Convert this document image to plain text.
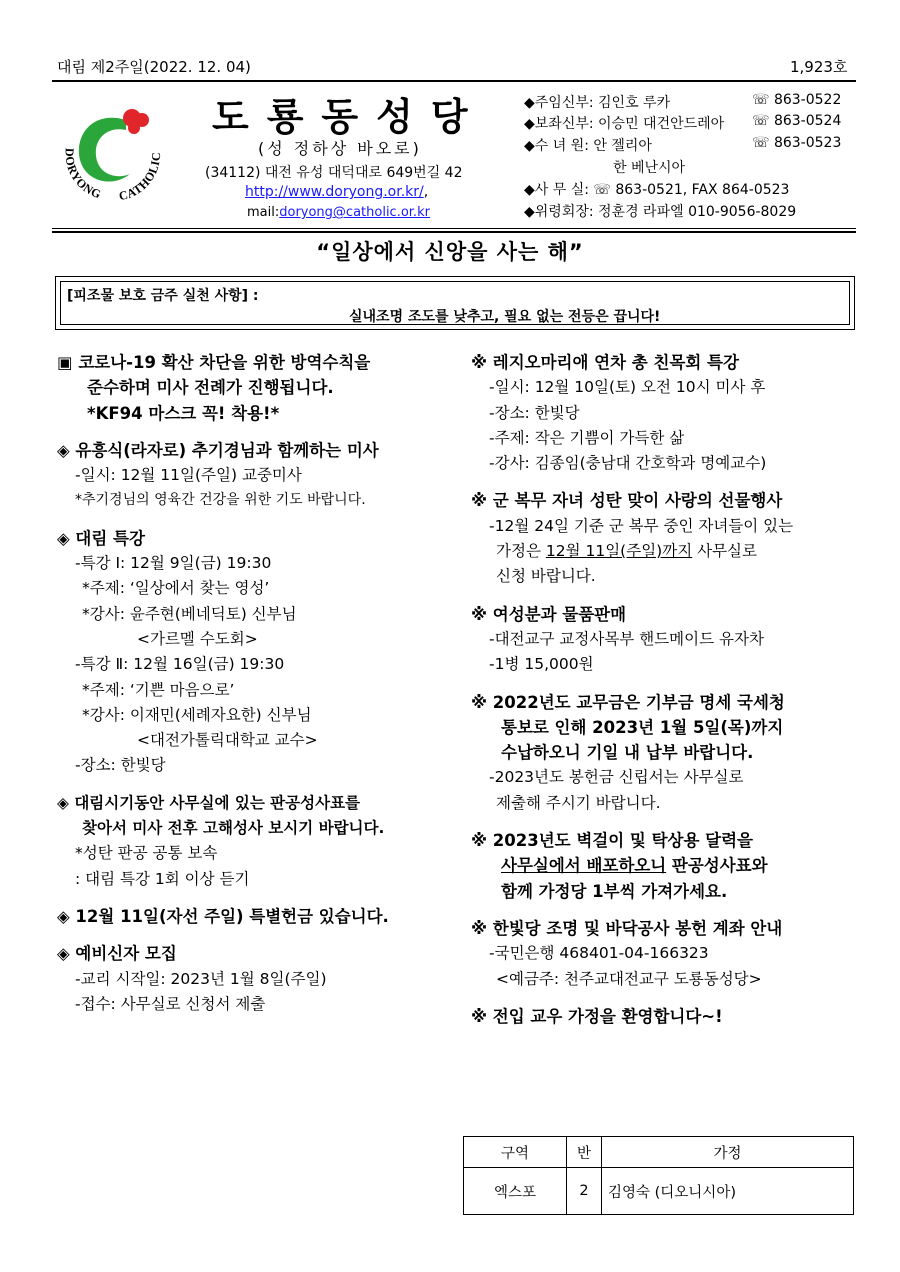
대림 제2주일(2022. 12. 04)	1,923호
DORYONG CATHOLIC
도룡동성당
(성 정하상 바오로)
(34112) 대전 유성 대덕대로 649번길 42
http://www.doryong.or.kr/,
mail:doryong@catholic.or.kr
◆주임신부: 김인호 루카	☏ 863-0522
◆보좌신부: 이승민 대건안드레아 ☏ 863-0524
◆수 녀 원: 안 젤리아	☏ 863-0523
한 베난시아
◆사 무 실: ☏ 863-0521, FAX 864-0523
◆위령회장: 정훈경 라파엘 010-9056-8029
“일상에서 신앙을 사는 해”
[피조물 보호 금주 실천 사항] :
실내조명 조도를 낮추고, 필요 없는 전등은 끕니다!
▣ 코로나-19 확산 차단을 위한 방역수칙을
준수하며 미사 전례가 진행됩니다.
*KF94 마스크 꼭! 착용!*
◈ 유흥식(라자로) 추기경님과 함께하는 미사
-일시: 12월 11일(주일) 교중미사
*추기경님의 영육간 건강을 위한 기도 바랍니다.
◈ 대림 특강
-특강 Ⅰ: 12월 9일(금) 19:30
*주제: ‘일상에서 찾는 영성’
*강사: 윤주현(베네딕토) 신부님
<가르멜 수도회>
-특강 Ⅱ: 12월 16일(금) 19:30
*주제: ‘기쁜 마음으로’
*강사: 이재민(세례자요한) 신부님
<대전가톨릭대학교 교수>
-장소: 한빛당
◈ 대림시기동안 사무실에 있는 판공성사표를
찾아서 미사 전후 고해성사 보시기 바랍니다.
*성탄 판공 공통 보속
: 대림 특강 1회 이상 듣기
◈ 12월 11일(자선 주일) 특별헌금 있습니다.
◈ 예비신자 모집
-교리 시작일: 2023년 1월 8일(주일)
-접수: 사무실로 신청서 제출
※ 레지오마리애 연차 총 친목회 특강
-일시: 12월 10일(토) 오전 10시 미사 후
-장소: 한빛당
-주제: 작은 기쁨이 가득한 삶
-강사: 김종임(충남대 간호학과 명예교수)
※ 군 복무 자녀 성탄 맞이 사랑의 선물행사
-12월 24일 기준 군 복무 중인 자녀들이 있는
가정은 12월 11일(주일)까지 사무실로
신청 바랍니다.
※ 여성분과 물품판매
-대전교구 교정사목부 핸드메이드 유자차
-1병 15,000원
※ 2022년도 교무금은 기부금 명세 국세청
통보로 인해 2023년 1월 5일(목)까지
수납하오니 기일 내 납부 바랍니다.
-2023년도 봉헌금 신립서는 사무실로
제출해 주시기 바랍니다.
※ 2023년도 벽걸이 및 탁상용 달력을
사무실에서 배포하오니 판공성사표와
함께 가정당 1부씩 가져가세요.
※ 한빛당 조명 및 바닥공사 봉헌 계좌 안내
-국민은행 468401-04-166323
<예금주: 천주교대전교구 도룡동성당>
※ 전입 교우 가정을 환영합니다~!
구역	반	가정
엑스포	2	김영숙 (디오니시아)
